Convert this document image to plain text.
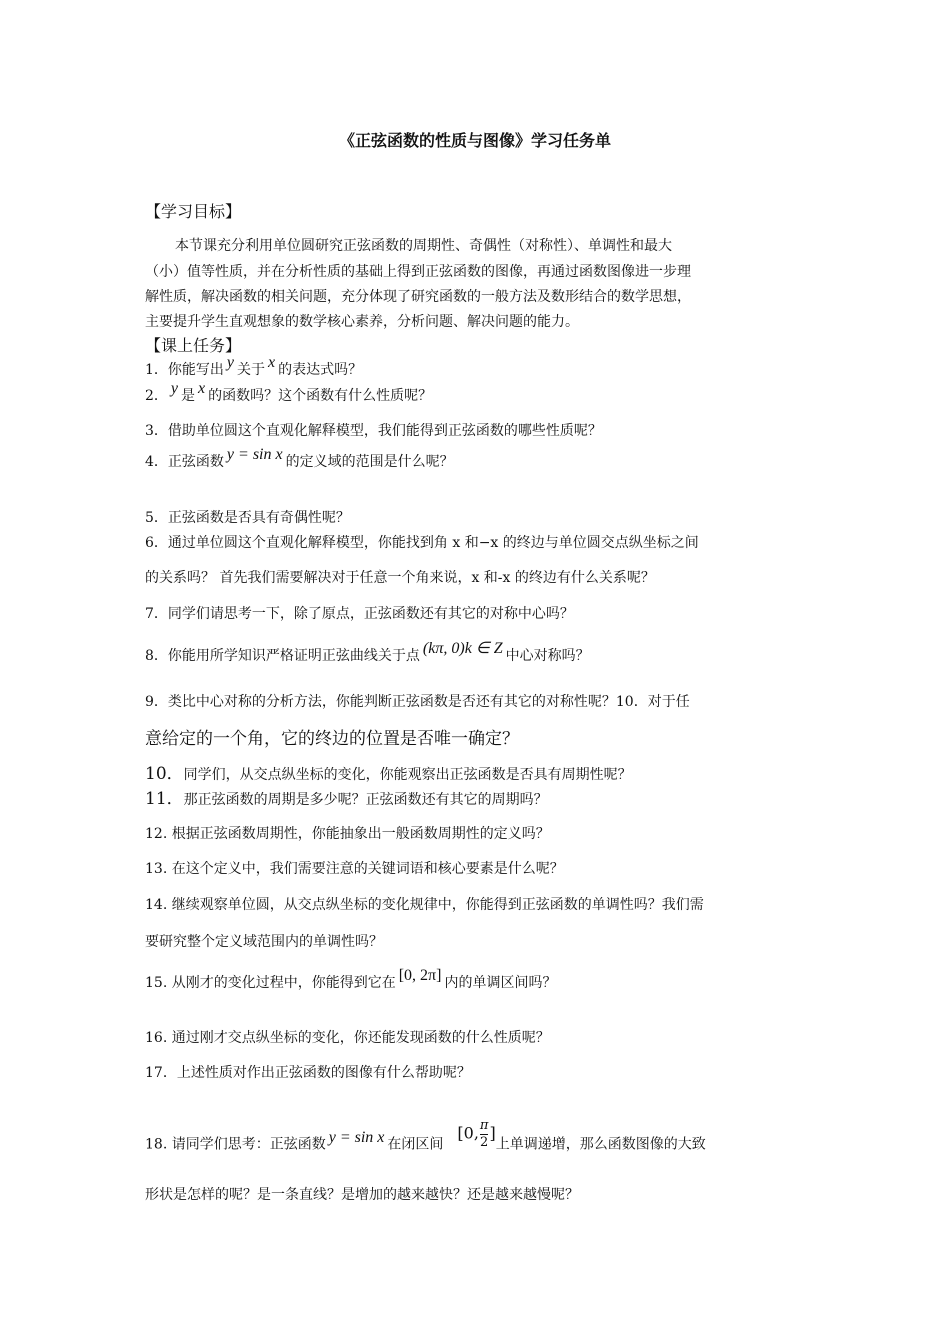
《正弦函数的性质与图像》学习任务单
【学习目标】
本节课充分利用单位圆研究正弦函数的周期性、奇偶性（对称性）、单调性和最大
（小）值等性质，并在分析性质的基础上得到正弦函数的图像，再通过函数图像进一步理
解性质，解决函数的相关问题，充分体现了研究函数的一般方法及数形结合的数学思想，
主要提升学生直观想象的数学核心素养，分析问题、解决问题的能力。
【课上任务】
1．你能写出 y 关于 x 的表达式吗？
2． y 是 x 的函数吗？这个函数有什么性质呢？
3．借助单位圆这个直观化解释模型，我们能得到正弦函数的哪些性质呢？
4．正弦函数 y = sin x 的定义域的范围是什么呢？
5．正弦函数是否具有奇偶性呢？
6．通过单位圆这个直观化解释模型，你能找到角 x 和−x 的终边与单位圆交点纵坐标之间
的关系吗？ 首先我们需要解决对于任意一个角来说，x 和-x 的终边有什么关系呢？
7．同学们请思考一下，除了原点，正弦函数还有其它的对称中心吗？
8．你能用所学知识严格证明正弦曲线关于点 (kπ, 0)k ∈ Z 中心对称吗？
9．类比中心对称的分析方法，你能判断正弦函数是否还有其它的对称性呢？10．对于任
意给定的一个角，它的终边的位置是否唯一确定？
10．同学们，从交点纵坐标的变化，你能观察出正弦函数是否具有周期性呢？
11．那正弦函数的周期是多少呢？正弦函数还有其它的周期吗？
12. 根据正弦函数周期性，你能抽象出一般函数周期性的定义吗？
13. 在这个定义中，我们需要注意的关键词语和核心要素是什么呢？
14. 继续观察单位圆，从交点纵坐标的变化规律中，你能得到正弦函数的单调性吗？我们需
要研究整个定义域范围内的单调性吗？
15. 从刚才的变化过程中，你能得到它在 [0, 2π] 内的单调区间吗？
16. 通过刚才交点纵坐标的变化，你还能发现函数的什么性质呢？
17．上述性质对作出正弦函数的图像有什么帮助呢？
18. 请同学们思考：正弦函数 y = sin x 在闭区间[0, $\frac{\pi}{2}$ ]上单调递增，那么函数图像的大致
形状是怎样的呢？是一条直线？是增加的越来越快？还是越来越慢呢？
